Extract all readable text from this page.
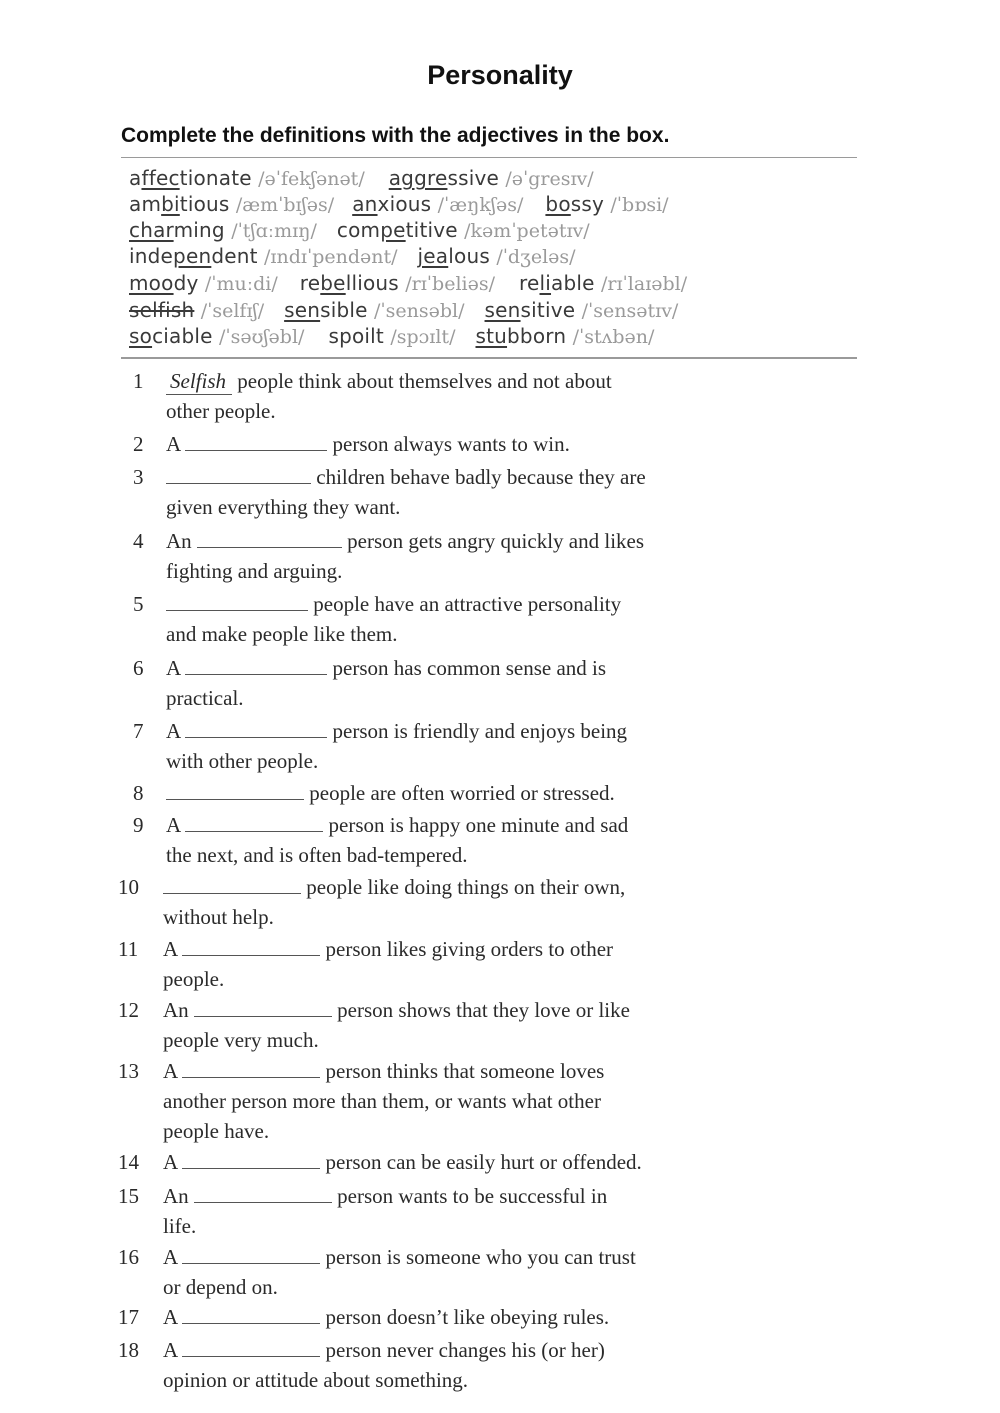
Personality
Complete the definitions with the adjectives in the box.
affectionate /əˈfekʃənət/ aggressive /əˈgresɪv/
ambitious /æmˈbɪʃəs/ anxious /ˈæŋkʃəs/ bossy /ˈbɒsi/
charming /ˈtʃɑːmɪŋ/ competitive /kəmˈpetətɪv/
independent /ɪndɪˈpendənt/ jealous /ˈdʒeləs/
moody /ˈmuːdi/ rebellious /rɪˈbeliəs/ reliable /rɪˈlaɪəbl/
selfish /ˈselfɪʃ/ sensible /ˈsensəbl/ sensitive /ˈsensətɪv/
sociable /ˈsəʊʃəbl/ spoilt /spɔɪlt/ stubborn /ˈstʌbən/
1 Selfish people think about themselves and not about
other people.
2 A	person always wants to win.
3	children behave badly because they are
given everything they want.
4 An	person gets angry quickly and likes
fighting and arguing.
5	people have an attractive personality
and make people like them.
6 A	person has common sense and is
practical.
7 A	person is friendly and enjoys being
with other people.
8	people are often worried or stressed.
9 A	person is happy one minute and sad
the next, and is often bad-tempered.
10	people like doing things on their own,
without help.
11 A	person likes giving orders to other
people.
12 An	person shows that they love or like
people very much.
13 A	person thinks that someone loves
another person more than them, or wants what other
people have.
14 A	person can be easily hurt or offended.
15 An	person wants to be successful in
life.
16 A	person is someone who you can trust
or depend on.
17 A	person doesn’t like obeying rules.
18 A	person never changes his (or her)
opinion or attitude about something.
